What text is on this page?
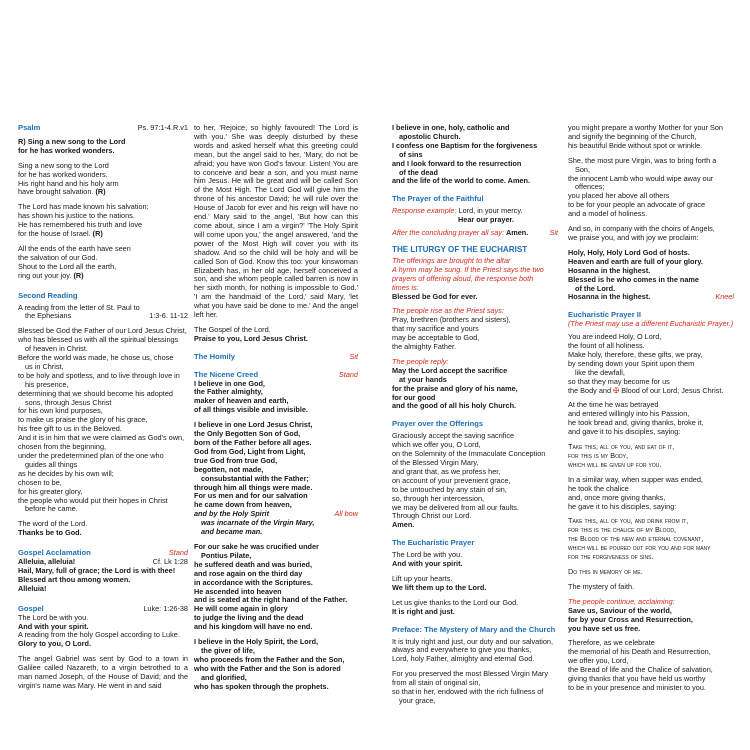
Psalm	Ps. 97:1-4.R.v1
R) Sing a new song to the Lord
for he has worked wonders.
Sing a new song to the Lord
for he has worked wonders.
His right hand and his holy arm
have brought salvation. (R)
The Lord has made known his salvation;
has shown his justice to the nations.
He has remembered his truth and love
for the house of Israel. (R)
All the ends of the earth have seen
the salvation of our God.
Shout to the Lord all the earth,
ring out your joy. (R)
Second Reading
A reading from the letter of St. Paul to
the Ephesians	1:3-6. 11-12
Blessed be God the Father of our Lord Jesus Christ,
who has blessed us with all the spiritual blessings
of heaven in Christ.
Before the world was made, he chose us, chose
us in Christ,
to be holy and spotless, and to live through love in
his presence,
determining that we should become his adopted
sons, through Jesus Christ
for his own kind purposes,
to make us praise the glory of his grace,
his free gift to us in the Beloved.
And it is in him that we were claimed as God's own,
chosen from the beginning,
under the predetermined plan of the one who
guides all things
as he decides by his own will;
chosen to be,
for his greater glory,
the people who would put their hopes in Christ
before he came.
The word of the Lord.
Thanks be to God.
Gospel Acclamation	Stand
Alleluia, alleluia!	Cf. Lk 1:28
Hail, Mary, full of grace; the Lord is with thee!
Blessed art thou among women.
Alleluia!
Gospel	Luke: 1:26-38
The Lord be with you.
And with your spirit.
A reading from the holy Gospel according to Luke.
Glory to you, O Lord.
The angel Gabriel was sent by God to a town in Galilee called Nazareth, to a virgin betrothed to a man named Joseph, of the House of David; and the virgin's name was Mary. He went in and said
to her, 'Rejoice, so highly favoured! The Lord is with you.' She was deeply disturbed by these words and asked herself what this greeting could mean, but the angel said to her, 'Mary, do not be afraid; you have won God's favour. Listen! You are to conceive and bear a son, and you must name him Jesus. He will be great and will be called Son of the Most High. The Lord God will give him the throne of his ancestor David; he will rule over the House of Jacob for ever and his reign will have no end.' Mary said to the angel, 'But how can this come about, since I am a virgin?' 'The Holy Spirit will come upon you,' the angel answered, 'and the power of the Most High will cover you with its shadow. And so the child will be holy and will be called Son of God. Know this too: your kinswoman Elizabeth has, in her old age, herself conceived a son, and she whom people called barren is now in her sixth month, for nothing is impossible to God.' 'I am the handmaid of the Lord,' said Mary, 'let what you have said be done to me.' And the angel left her.
The Gospel of the Lord.
Praise to you, Lord Jesus Christ.
The Homily	Sit
The Nicene Creed	Stand
I believe in one God,
the Father almighty,
maker of heaven and earth,
of all things visible and invisible.
I believe in one Lord Jesus Christ,
the Only Begotten Son of God,
born of the Father before all ages.
God from God, Light from Light,
true God from true God,
begotten, not made,
consubstantial with the Father;
through him all things were made.
For us men and for our salvation
he came down from heaven,
and by the Holy Spirit	All bow
was incarnate of the Virgin Mary,
and became man.
For our sake he was crucified under
Pontius Pilate,
he suffered death and was buried,
and rose again on the third day
in accordance with the Scriptures.
He ascended into heaven
and is seated at the right hand of the Father.
He will come again in glory
to judge the living and the dead
and his kingdom will have no end.
I believe in the Holy Spirit, the Lord,
the giver of life,
who proceeds from the Father and the Son,
who with the Father and the Son is adored
and glorified,
who has spoken through the prophets.
I believe in one, holy, catholic and
apostolic Church.
I confess one Baptism for the forgiveness
of sins
and I look forward to the resurrection
of the dead
and the life of the world to come. Amen.
The Prayer of the Faithful
Response example: Lord, in your mercy.
Hear our prayer.
After the concluding prayer all say: Amen.	Sit
THE LITURGY OF THE EUCHARIST
The offerings are brought to the altar
A hymn may be sung. If the Priest says the two
prayers of offering aloud, the response both
times is:
Blessed be God for ever.
The people rise as the Priest says:
Pray, brethren (brothers and sisters),
that my sacrifice and yours
may be acceptable to God,
the almighty Father.
The people reply:
May the Lord accept the sacrifice
at your hands
for the praise and glory of his name,
for our good
and the good of all his holy Church.
Prayer over the Offerings
Graciously accept the saving sacrifice
which we offer you, O Lord,
on the Solemnity of the Immaculate Conception
of the Blessed Virgin Mary,
and grant that, as we profess her,
on account of your prevenient grace,
to be untouched by any stain of sin,
so, through her intercession,
we may be delivered from all our faults.
Through Christ our Lord.
Amen.
The Eucharistic Prayer
The Lord be with you.
And with your spirit.
Lift up your hearts.
We lift them up to the Lord.
Let us give thanks to the Lord our God.
It is right and just.
Preface: The Mystery of Mary and the Church
It is truly right and just, our duty and our salvation,
always and everywhere to give you thanks,
Lord, holy Father, almighty and eternal God.
For you preserved the most Blessed Virgin Mary
from all stain of original sin,
so that in her, endowed with the rich fullness of
your grace,
you might prepare a worthy Mother for your Son
and signify the beginning of the Church,
his beautiful Bride without spot or wrinkle.
She, the most pure Virgin, was to bring forth a
Son,
the innocent Lamb who would wipe away our
offences;
you placed her above all others
to be for your people an advocate of grace
and a model of holiness.
And so, in company with the choirs of Angels,
we praise you, and with joy we proclaim:
Holy, Holy, Holy Lord God of hosts.
Heaven and earth are full of your glory.
Hosanna in the highest.
Blessed is he who comes in the name
of the Lord.
Hosanna in the highest.	Kneel
Eucharistic Prayer II
(The Priest may use a different Eucharistic Prayer.)
You are indeed Holy, O Lord,
the fount of all holiness.
Make holy, therefore, these gifts, we pray,
by sending down your Spirit upon them
like the dewfall,
so that they may become for us
the Body and ✠ Blood of our Lord, Jesus Christ.
At the time he was betrayed
and entered willingly into his Passion,
he took bread and, giving thanks, broke it,
and gave it to his disciples, saying:
Take this, all of you, and eat of it,
for this is my Body,
which will be given up for you.
In a similar way, when supper was ended,
he took the chalice
and, once more giving thanks,
he gave it to his disciples, saying:
Take this, all of you, and drink from it,
for this is the chalice of my Blood,
the Blood of the new and eternal covenant,
which will be poured out for you and for many
for the forgiveness of sins.
Do this in memory of me.
The mystery of faith.
The people continue, acclaiming:
Save us, Saviour of the world,
for by your Cross and Resurrection,
you have set us free.
Therefore, as we celebrate
the memorial of his Death and Resurrection,
we offer you, Lord,
the Bread of life and the Chalice of salvation,
giving thanks that you have held us worthy
to be in your presence and minister to you.
